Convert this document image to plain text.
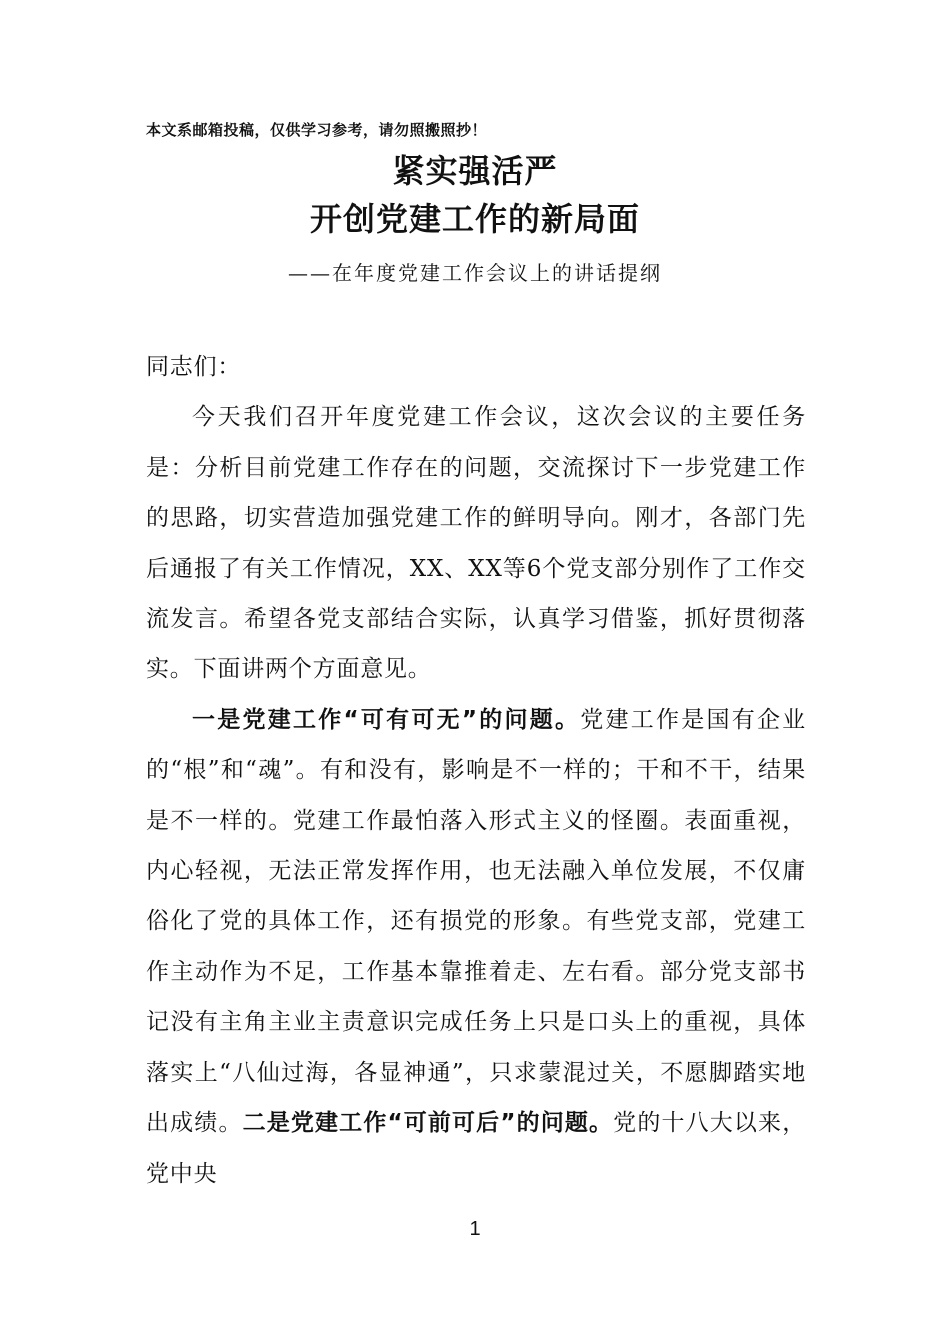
本文系邮箱投稿，仅供学习参考，请勿照搬照抄！
紧实强活严
开创党建工作的新局面
——在年度党建工作会议上的讲话提纲

同志们：

今天我们召开年度党建工作会议，这次会议的主要任务是：分析目前党建工作存在的问题，交流探讨下一步党建工作的思路，切实营造加强党建工作的鲜明导向。刚才，各部门先后通报了有关工作情况，XX、XX等6个党支部分别作了工作交流发言。希望各党支部结合实际，认真学习借鉴，抓好贯彻落实。下面讲两个方面意见。

一是党建工作“可有可无”的问题。党建工作是国有企业的“根”和“魂”。有和没有，影响是不一样的；干和不干，结果是不一样的。党建工作最怕落入形式主义的怪圈。表面重视，内心轻视，无法正常发挥作用，也无法融入单位发展，不仅庸俗化了党的具体工作，还有损党的形象。有些党支部，党建工作主动作为不足，工作基本靠推着走、左右看。部分党支部书记没有主角主业主责意识完成任务上只是口头上的重视，具体落实上“八仙过海，各显神通”，只求蒙混过关，不愿脚踏实地出成绩。二是党建工作“可前可后”的问题。党的十八大以来，党中央

1
